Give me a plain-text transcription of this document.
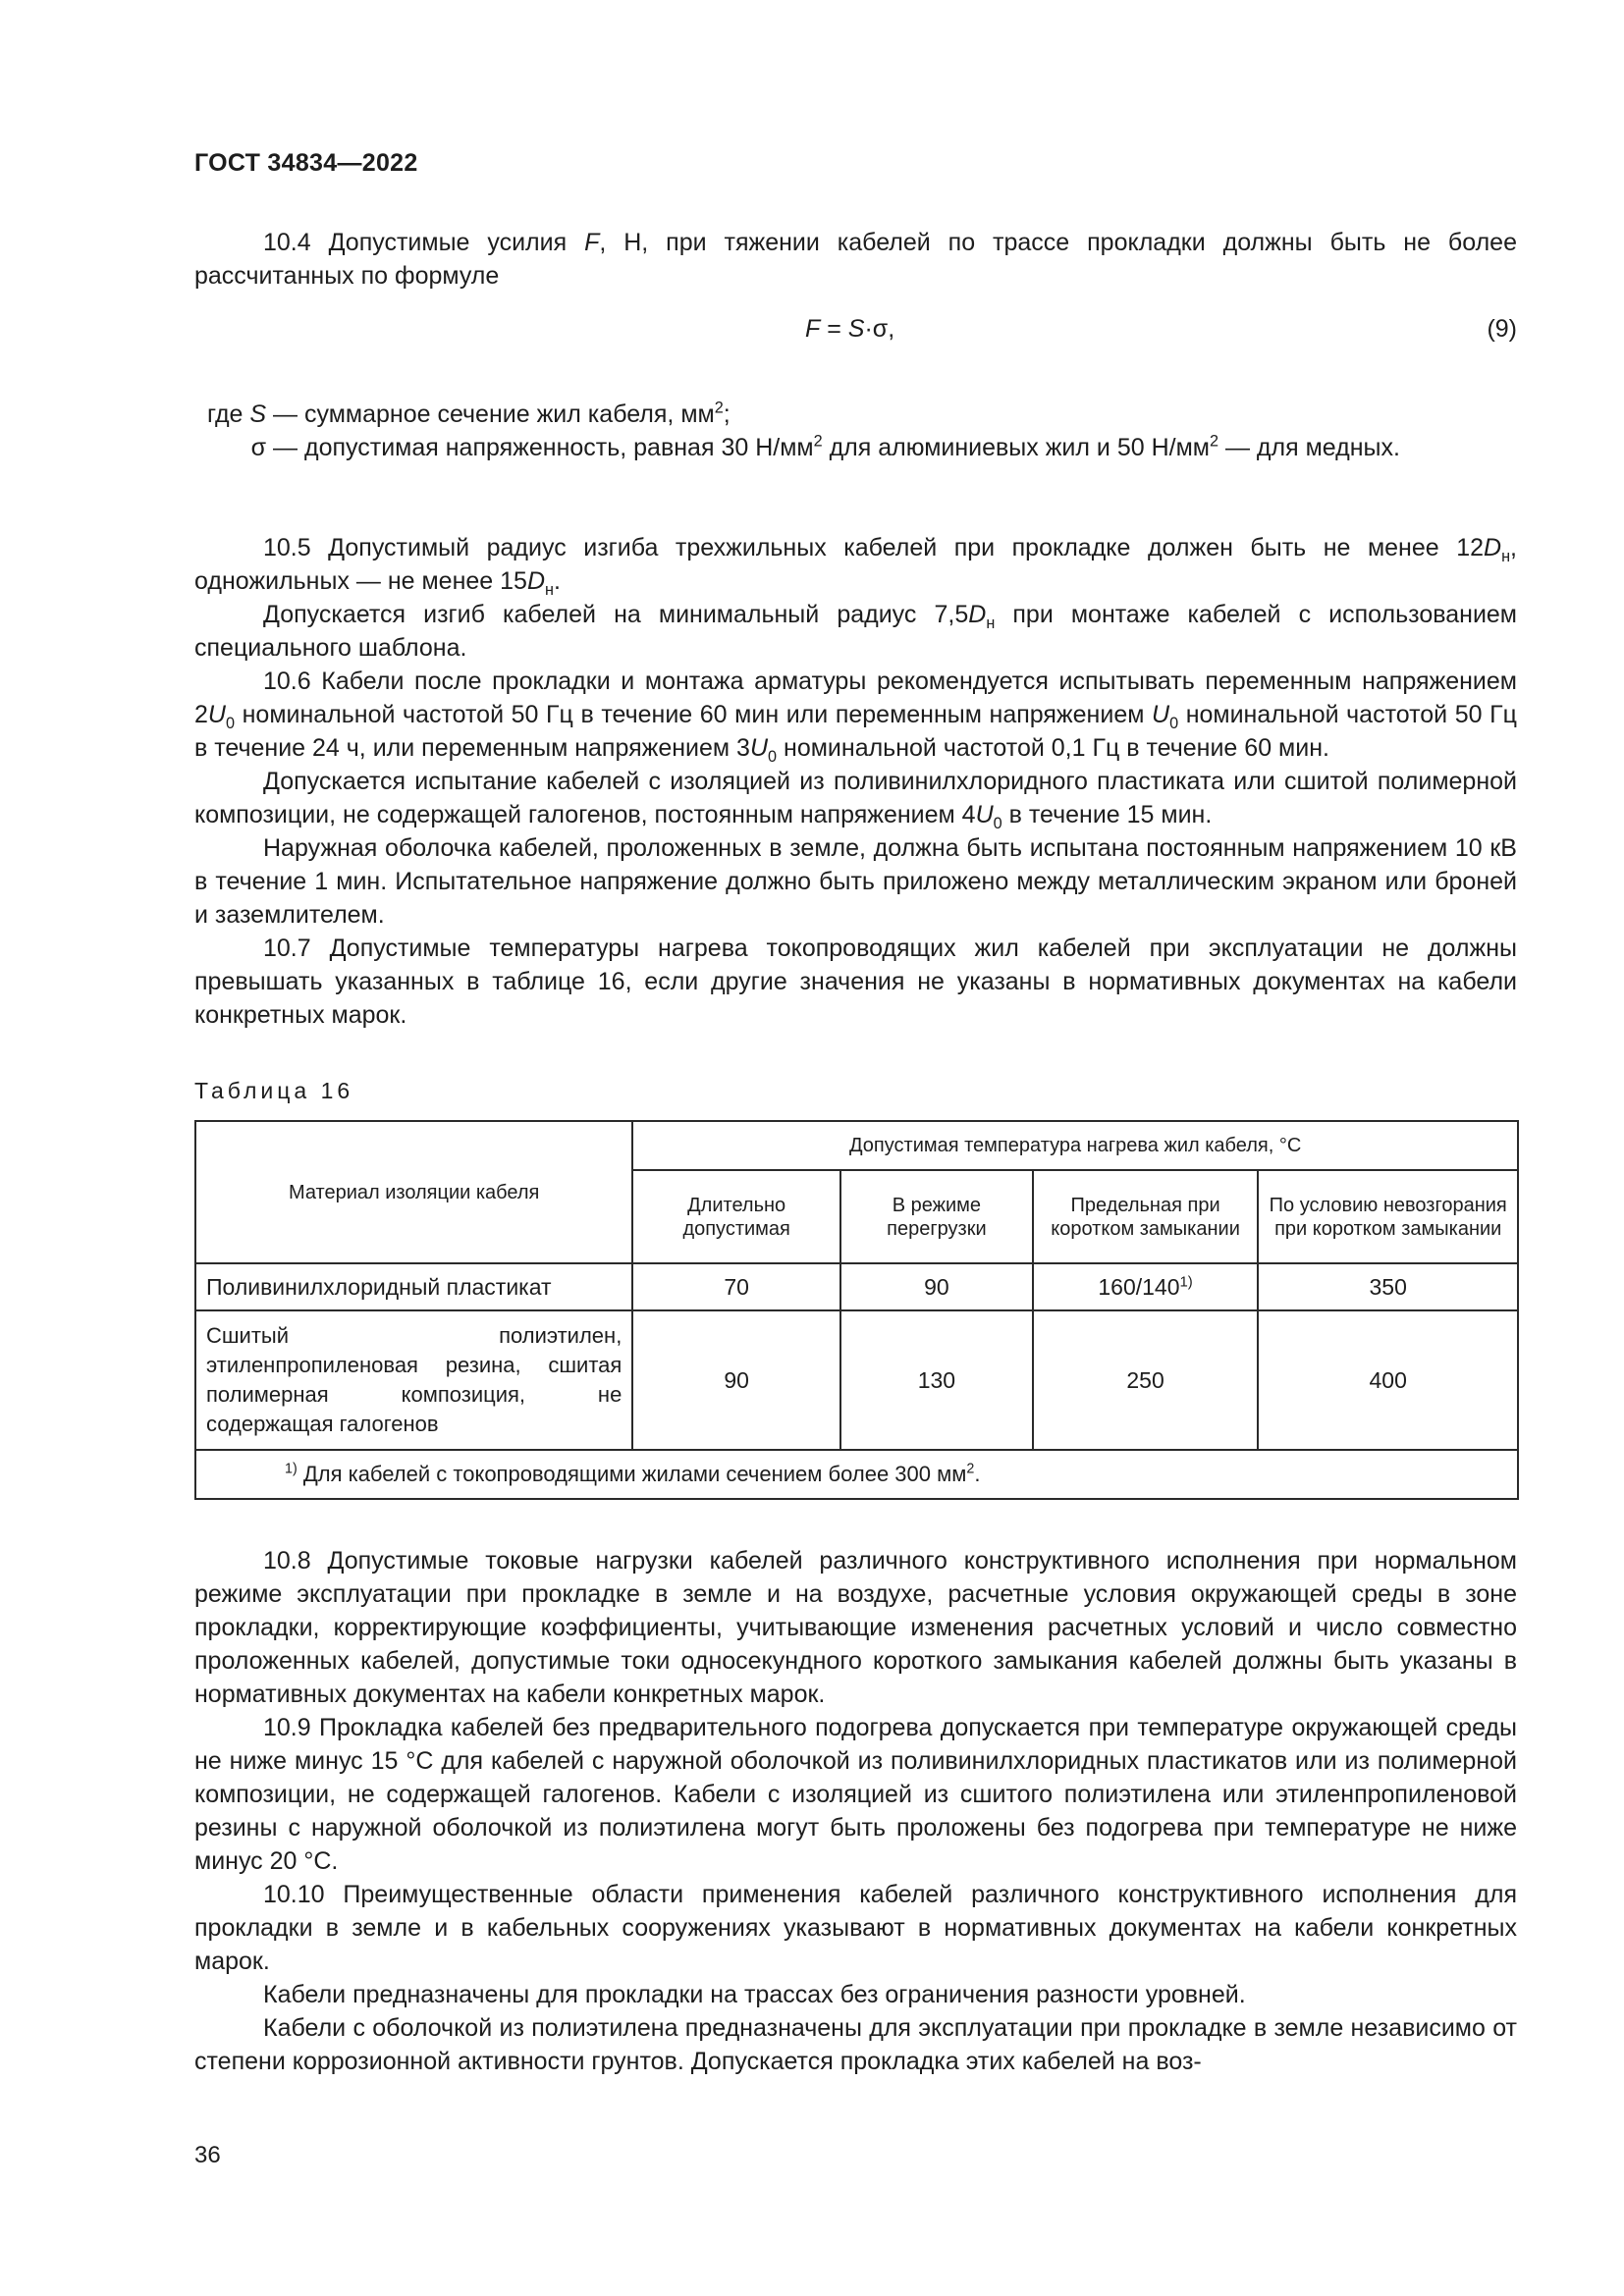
ГОСТ 34834—2022

10.4 Допустимые усилия F, Н, при тяжении кабелей по трассе прокладки должны быть не более рассчитанных по формуле

F = S·σ,	(9)
где S — суммарное сечение жил кабеля, $мм^2$;
σ — допустимая напряженность, равная 30 $Н/мм^2$ для алюминиевых жил и 50 $Н/мм^2$ — для медных.

10.5 Допустимый радиус изгиба трехжильных кабелей при прокладке должен быть не менее $12D_н$, одножильных — не менее $15D_н$.

Допускается изгиб кабелей на минимальный радиус $7,5D_н$ при монтаже кабелей с использованием специального шаблона.

10.6 Кабели после прокладки и монтажа арматуры рекомендуется испытывать переменным напряжением $2U_0$ номинальной частотой 50 Гц в течение 60 мин или переменным напряжением $U_0$ номинальной частотой 50 Гц в течение 24 ч, или переменным напряжением $3U_0$ номинальной частотой 0,1 Гц в течение 60 мин.

Допускается испытание кабелей с изоляцией из поливинилхлоридного пластиката или сшитой полимерной композиции, не содержащей галогенов, постоянным напряжением $4U_0$ в течение 15 мин.

Наружная оболочка кабелей, проложенных в земле, должна быть испытана постоянным напряжением 10 кВ в течение 1 мин. Испытательное напряжение должно быть приложено между металлическим экраном или броней и заземлителем.

10.7 Допустимые температуры нагрева токопроводящих жил кабелей при эксплуатации не должны превышать указанных в таблице 16, если другие значения не указаны в нормативных документах на кабели конкретных марок.

Таблица 16
Материал изоляции кабеля	Допустимая температура нагрева жил кабеля, °C			
	Длительно допустимая	В режиме перегрузки	Предельная при коротком замыкании	По условию невозгорания при коротком замыкании
Поливинилхлоридный пластикат	70	90	160/140$^{1)}$	350
Сшитый полиэтилен, этиленпропиленовая резина, сшитая полимерная композиция, не содержащая галогенов	90	130	250	400
$^{1)}$ Для кабелей с токопроводящими жилами сечением более 300 $мм^2$.				

10.8 Допустимые токовые нагрузки кабелей различного конструктивного исполнения при нормальном режиме эксплуатации при прокладке в земле и на воздухе, расчетные условия окружающей среды в зоне прокладки, корректирующие коэффициенты, учитывающие изменения расчетных условий и число совместно проложенных кабелей, допустимые токи односекундного короткого замыкания кабелей должны быть указаны в нормативных документах на кабели конкретных марок.

10.9 Прокладка кабелей без предварительного подогрева допускается при температуре окружающей среды не ниже минус 15 °С для кабелей с наружной оболочкой из поливинилхлоридных пластикатов или из полимерной композиции, не содержащей галогенов. Кабели с изоляцией из сшитого полиэтилена или этиленпропиленовой резины с наружной оболочкой из полиэтилена могут быть проложены без подогрева при температуре не ниже минус 20 °С.

10.10 Преимущественные области применения кабелей различного конструктивного исполнения для прокладки в земле и в кабельных сооружениях указывают в нормативных документах на кабели конкретных марок.

Кабели предназначены для прокладки на трассах без ограничения разности уровней.

Кабели с оболочкой из полиэтилена предназначены для эксплуатации при прокладке в земле независимо от степени коррозионной активности грунтов. Допускается прокладка этих кабелей на воз-

36
